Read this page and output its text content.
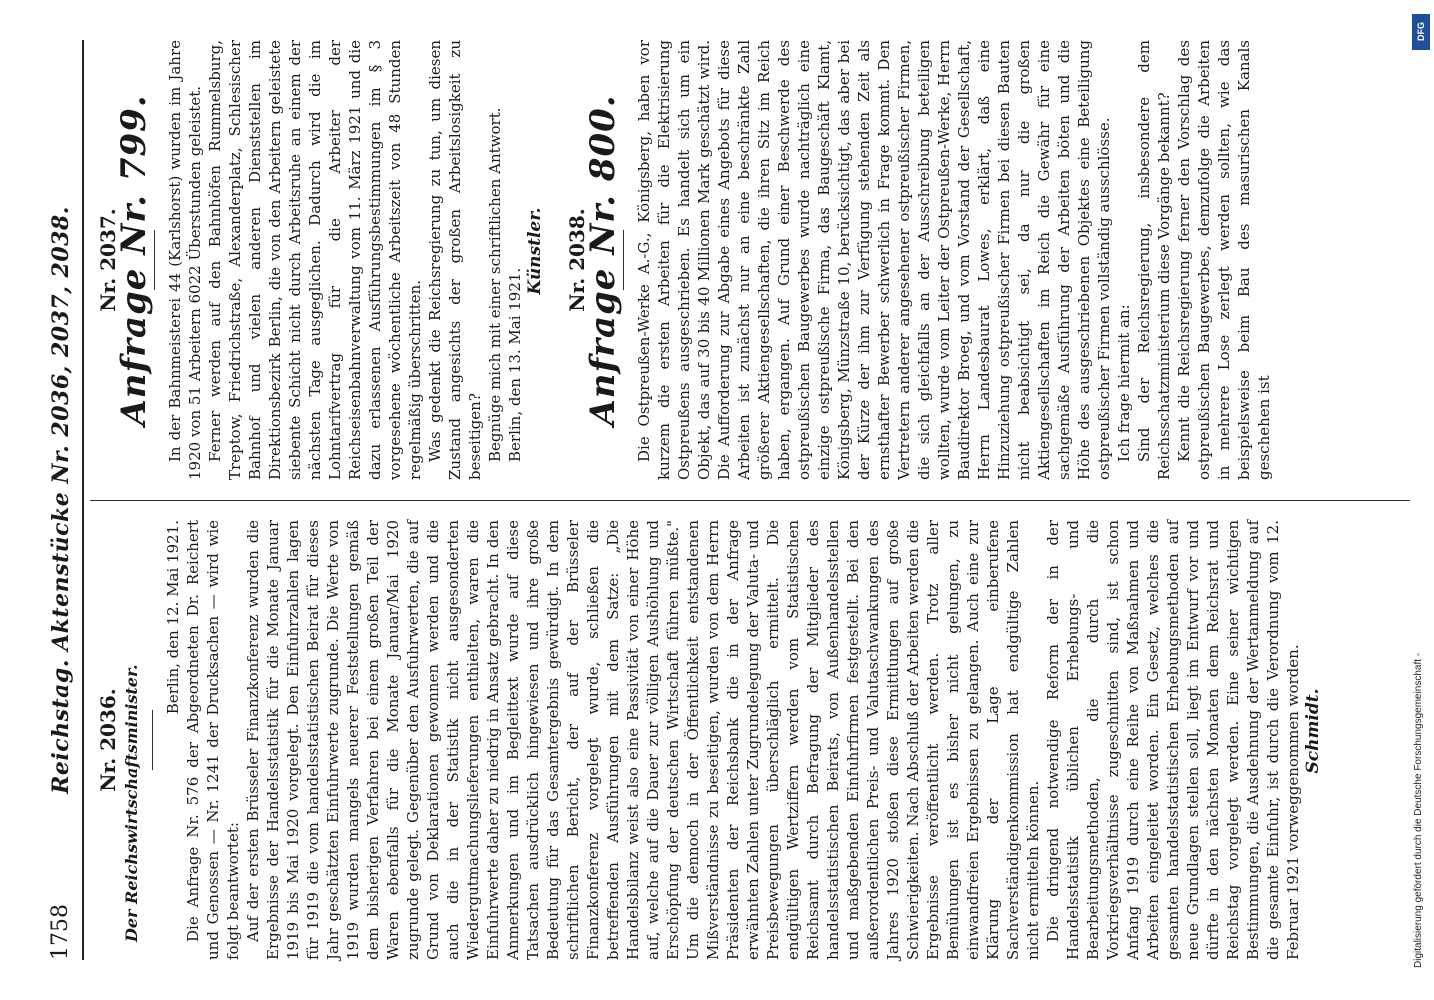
1758
Reichstag. Aktenstücke Nr. 2036, 2037, 2038. Nr. 2036. Der Reichswirtschaftsminister.

Berlin, den 12. Mai 1921. Die Anfrage Nr. 576 der Abgeordneten Dr. Reichert und Genossen — Nr. 1241 der Drucksachen — wird wie folgt beantwortet: Auf der ersten Brüsseler Finanzkonferenz wurden die Ergebnisse der Handelsstatistik für die Monate Januar 1919 bis Mai 1920 vorgelegt. Den Einfuhrzahlen lagen für 1919 die vom handelsstatistischen Beirat für dieses Jahr geschätzten Einfuhrwerte zugrunde. Die Werte von 1919 wurden mangels neuerer Feststellungen gemäß dem bisherigen Verfahren bei einem großen Teil der Waren ebenfalls für die Monate Januar/Mai 1920 zugrunde gelegt. Gegenüber den Ausfuhrwerten, die auf Grund von Deklarationen gewonnen werden und die auch die in der Statistik nicht ausgesonderten Wiedergutmachungslieferungen enthielten, waren die Einfuhrwerte daher zu niedrig in Ansatz gebracht. In den Anmerkungen und im Begleittext wurde auf diese Tatsachen ausdrücklich hingewiesen und ihre große Bedeutung für das Gesamtergebnis gewürdigt. In dem schriftlichen Bericht, der auf der Brüsseler Finanzkonferenz vorgelegt wurde, schließen die betreffenden Ausführungen mit dem Satze: „Die Handelsbilanz weist also eine Passivität von einer Höhe auf, welche auf die Dauer zur völligen Aushöhlung und Erschöpfung der deutschen Wirtschaft führen müßte." Um die dennoch in der Öffentlichkeit entstandenen Mißverständnisse zu beseitigen, wurden von dem Herrn Präsidenten der Reichsbank die in der Anfrage erwähnten Zahlen unter Zugrundelegung der Valuta- und Preisbewegungen überschläglich ermittelt. Die endgültigen Wertziffern werden vom Statistischen Reichsamt durch Befragung der Mitglieder des handelsstatistischen Beirats, von Außenhandelsstellen und maßgebenden Einfuhrfirmen festgestellt. Bei den außerordentlichen Preis- und Valutaschwankungen des Jahres 1920 stoßen diese Ermittlungen auf große Schwierigkeiten. Nach Abschluß der Arbeiten werden die Ergebnisse veröffentlicht werden. Trotz aller Bemühungen ist es bisher nicht gelungen, zu einwandfreien Ergebnissen zu gelangen. Auch eine zur Klärung der Lage einberufene Sachverständigenkommission hat endgültige Zahlen nicht ermitteln können. Die dringend notwendige Reform der in der Handelsstatistik üblichen Erhebungs- und Bearbeitungsmethoden, die durch die Vorkriegsverhältnisse zugeschnitten sind, ist schon Anfang 1919 durch eine Reihe von Maßnahmen und Arbeiten eingeleitet worden. Ein Gesetz, welches die gesamten handelsstatistischen Erhebungsmethoden auf neue Grundlagen stellen soll, liegt im Entwurf vor und dürfte in den nächsten Monaten dem Reichsrat und Reichstag vorgelegt werden. Eine seiner wichtigen Bestimmungen, die Ausdehnung der Wertanmeldung auf die gesamte Einfuhr, ist durch die Verordnung vom 12. Februar 1921 vorweggenommen worden. Schmidt.

Nr. 2037.
Anfrage Nr. 799. In der Bahnmeisterei 44 (Karlshorst) wurden im Jahre 1920 von 51 Arbeitern 6022 Überstunden geleistet. Ferner werden auf den Bahnhöfen Rummelsburg, Treptow, Friedrichstraße, Alexanderplatz, Schlesischer Bahnhof und vielen anderen Dienststellen im Direktionsbezirk Berlin, die von den Arbeitern geleistete siebente Schicht nicht durch Arbeitsruhe an einem der nächsten Tage ausgeglichen. Dadurch wird die im Lohntarifvertrag für die Arbeiter der Reichseisenbahnverwaltung vom 11. März 1921 und die dazu erlassenen Ausführungsbestimmungen im § 3 vorgesehene wöchentliche Arbeitszeit von 48 Stunden regelmäßig überschritten. Was gedenkt die Reichsregierung zu tun, um diesen Zustand angesichts der großen Arbeitslosigkeit zu beseitigen? Begnüge mich mit einer schriftlichen Antwort. Berlin, den 13. Mai 1921.

Künstler. Nr. 2038.
Anfrage Nr. 800. Die Ostpreußen-Werke A.-G., Königsberg, haben vor kurzem die ersten Arbeiten für die Elektrisierung Ostpreußens ausgeschrieben. Es handelt sich um ein Objekt, das auf 30 bis 40 Millionen Mark geschätzt wird. Die Aufforderung zur Abgabe eines Angebots für diese Arbeiten ist zunächst nur an eine beschränkte Zahl größerer Aktiengesellschaften, die ihren Sitz im Reich haben, ergangen. Auf Grund einer Beschwerde des ostpreußischen Baugewerbes wurde nachträglich eine einzige ostpreußische Firma, das Baugeschäft Klamt, Königsberg, Münzstraße 10, berücksichtigt, das aber bei der Kürze der ihm zur Verfügung stehenden Zeit als ernsthafter Bewerber schwerlich in Frage kommt. Den Vertretern anderer angesehener ostpreußischer Firmen, die sich gleichfalls an der Ausschreibung beteiligen wollten, wurde vom Leiter der Ostpreußen-Werke, Herrn Baudirektor Broeg, und vom Vorstand der Gesellschaft, Herrn Landesbaurat Lowes, erklärt, daß eine Hinzuziehung ostpreußischer Firmen bei diesen Bauten nicht beabsichtigt sei, da nur die großen Aktiengesellschaften im Reich die Gewähr für eine sachgemäße Ausführung der Arbeiten böten und die Höhe des ausgeschriebenen Objektes eine Beteiligung ostpreußischer Firmen vollständig ausschlösse. Ich frage hiermit an: Sind der Reichsregierung, insbesondere dem Reichsschatzministerium diese Vorgänge bekannt? Kennt die Reichsregierung ferner den Vorschlag des ostpreußischen Baugewerbes, demzufolge die Arbeiten in mehrere Lose zerlegt werden sollten, wie das beispielsweise beim Bau des masurischen Kanals geschehen ist

DFG
Digitalisierung gefördert durch die Deutsche Forschungsgemeinschaft -
